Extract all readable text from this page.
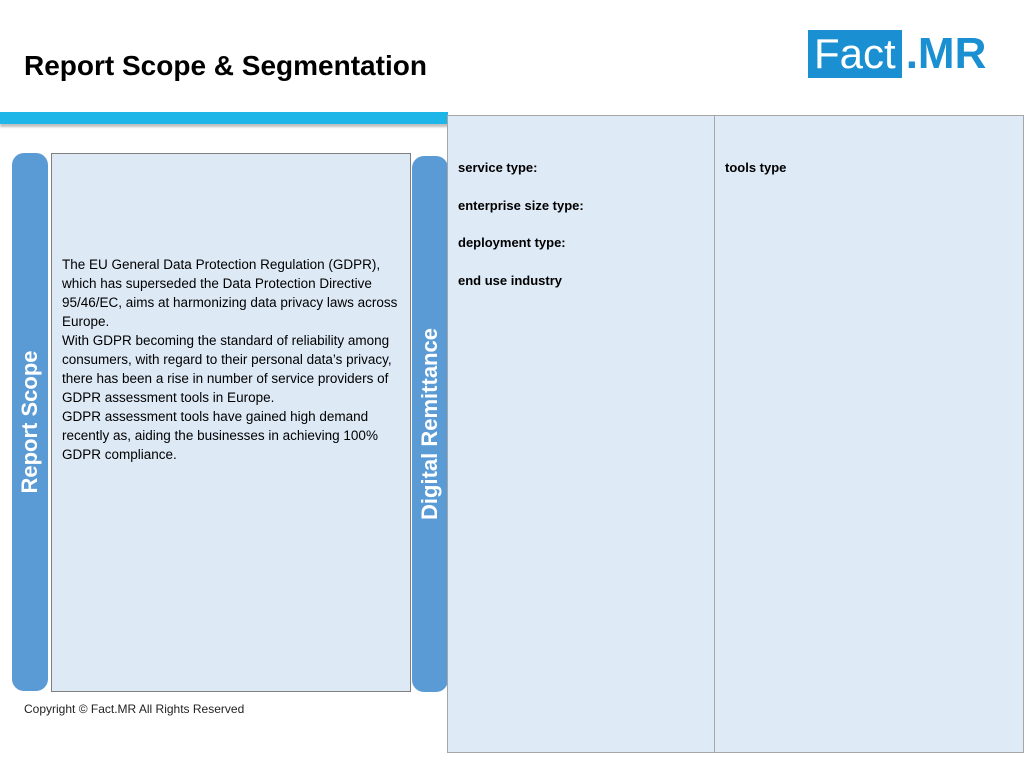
Report Scope & Segmentation	Fact .MR
Report Scope

The EU General Data Protection Regulation (GDPR), which has superseded the Data Protection Directive 95/46/EC, aims at harmonizing data privacy laws across Europe.

With GDPR becoming the standard of reliability among consumers, with regard to their personal data’s privacy, there has been a rise in number of service providers of GDPR assessment tools in Europe.

GDPR assessment tools have gained high demand recently as, aiding the businesses in achieving 100% GDPR compliance.	Digital Remittance
service type:
enterprise size type:
deployment type:
end use industry
tools type
Copyright © Fact.MR All Rights Reserved
